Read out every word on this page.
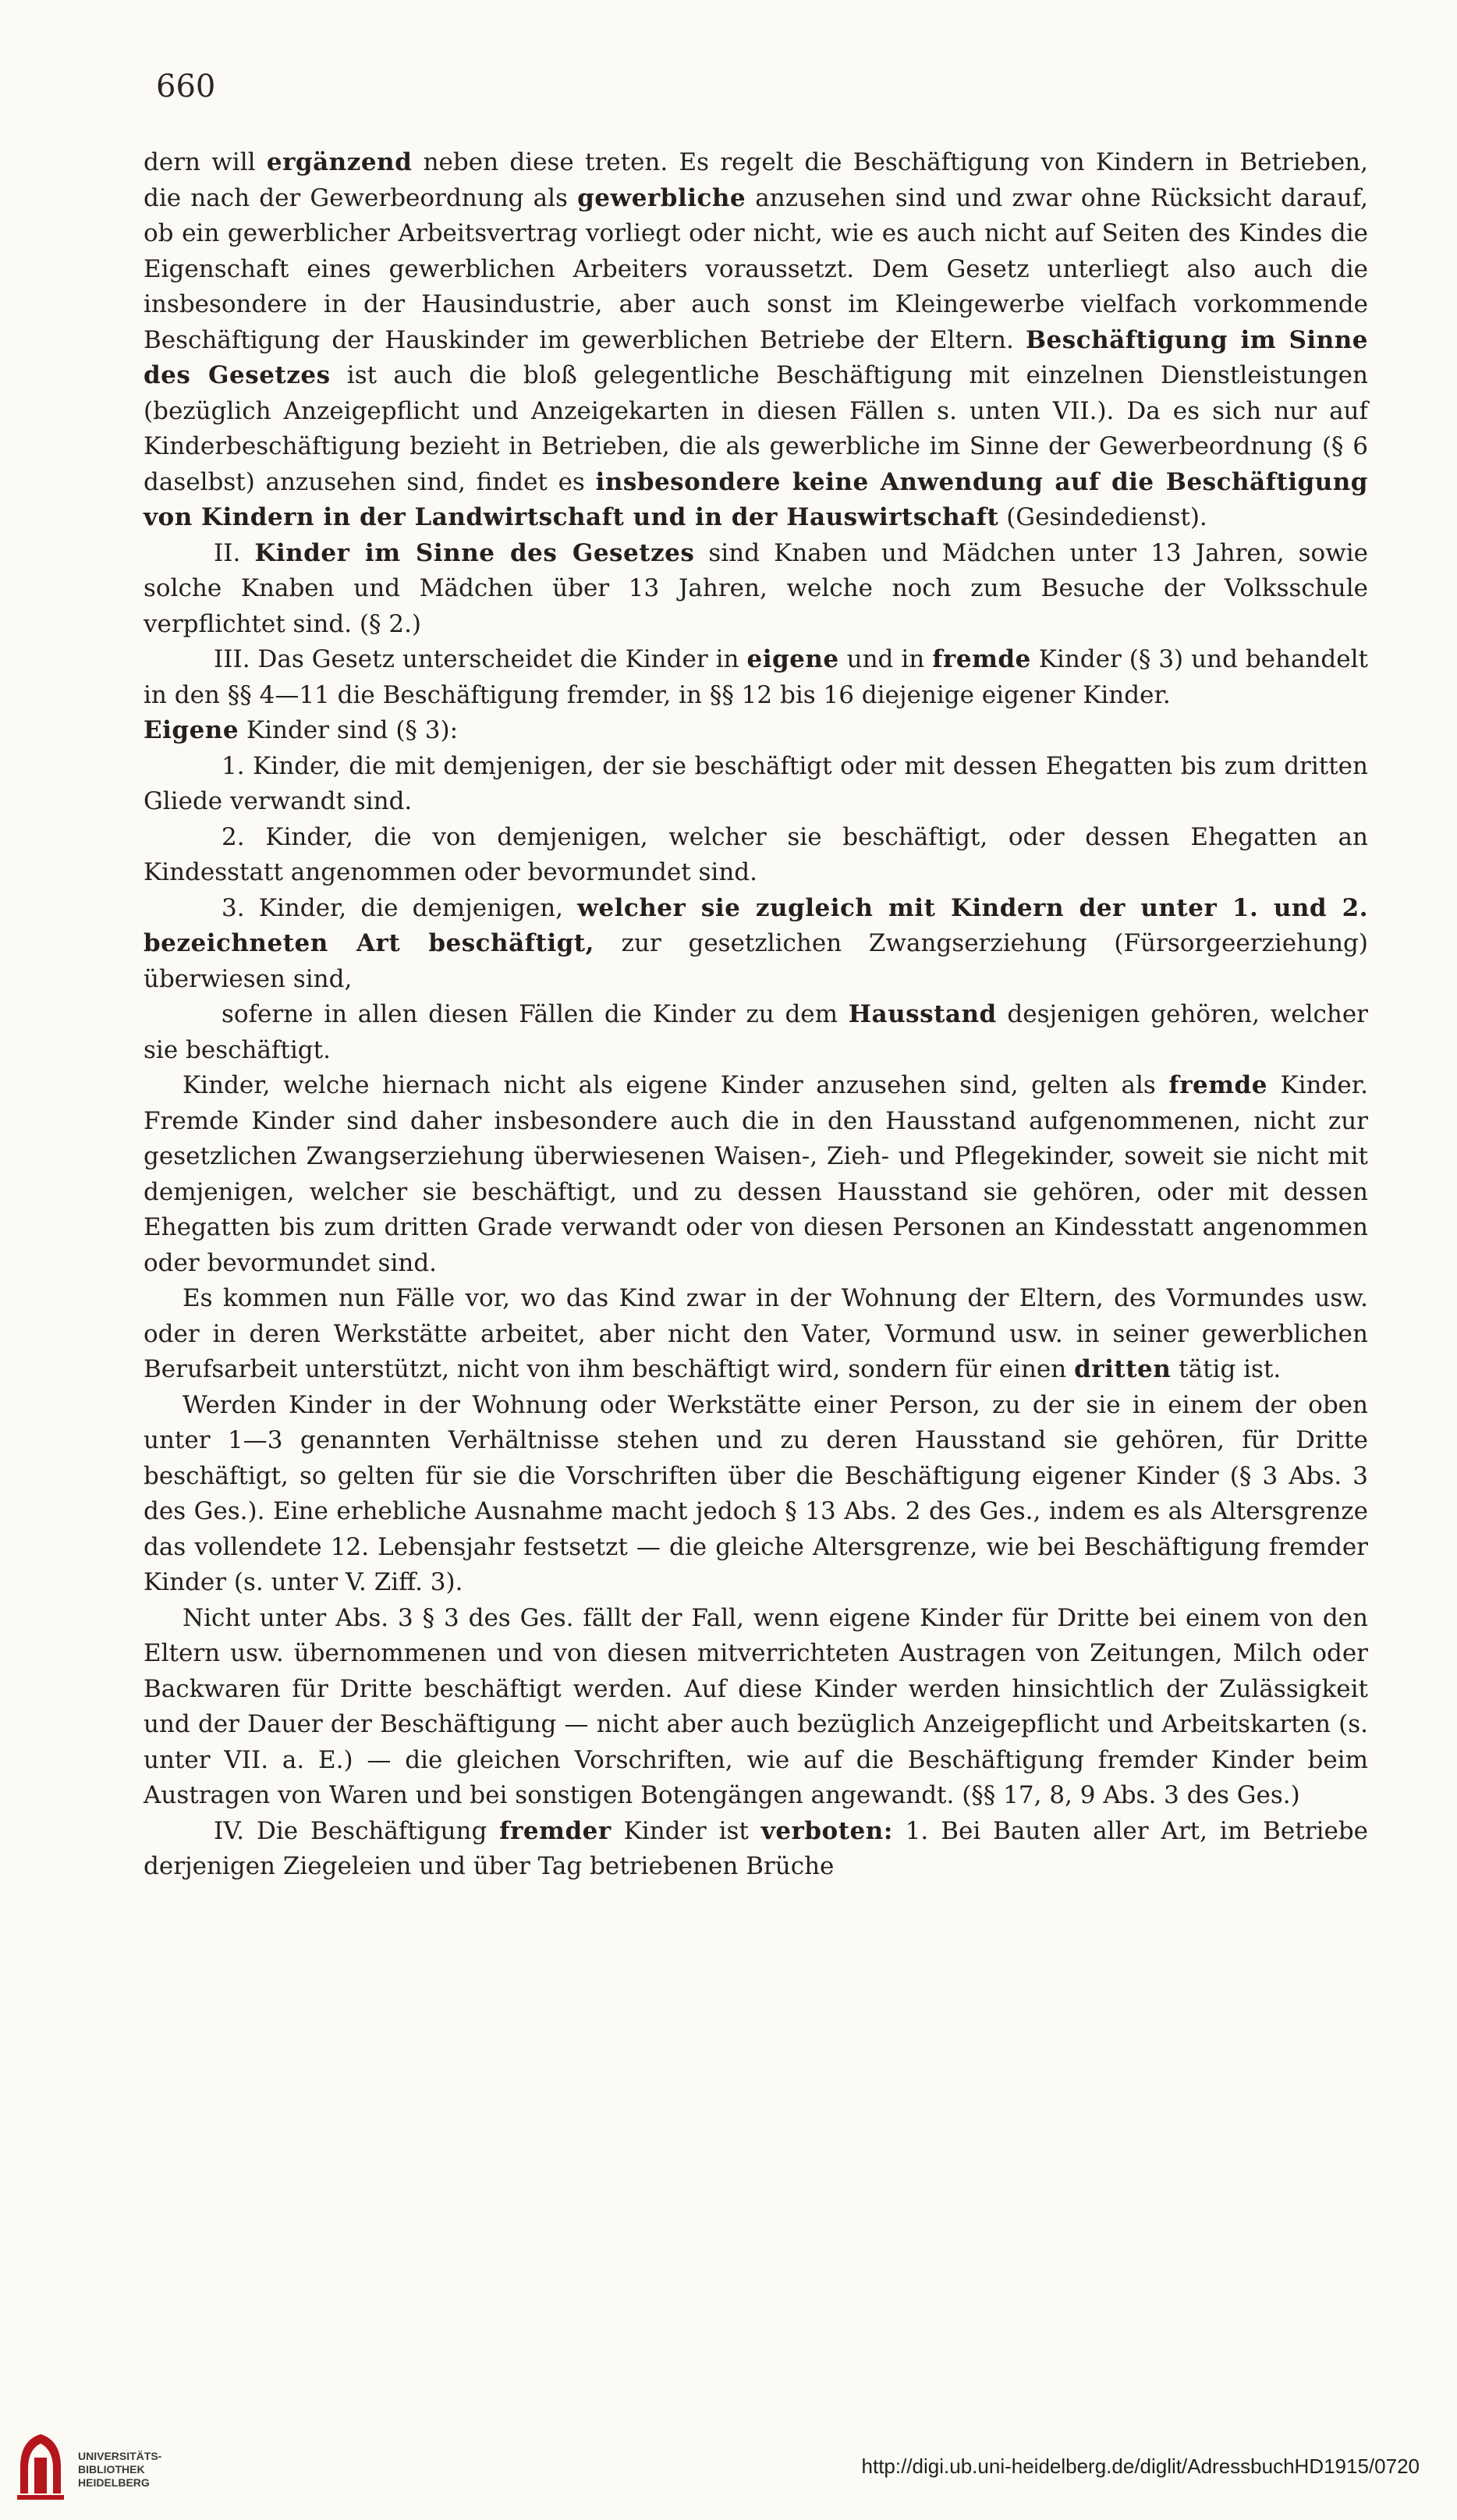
660

dern will ergänzend neben diese treten. Es regelt die Beschäftigung von Kindern in Betrieben, die nach der Gewerbeordnung als gewerbliche anzusehen sind und zwar ohne Rücksicht darauf, ob ein gewerblicher Arbeitsvertrag vorliegt oder nicht, wie es auch nicht auf Seiten des Kindes die Eigenschaft eines gewerblichen Arbeiters voraussetzt. Dem Gesetz unterliegt also auch die insbesondere in der Hausindustrie, aber auch sonst im Kleingewerbe vielfach vorkommende Beschäftigung der Hauskinder im gewerblichen Betriebe der Eltern. Beschäftigung im Sinne des Gesetzes ist auch die bloß gelegentliche Beschäftigung mit einzelnen Dienstleistungen (bezüglich Anzeigepflicht und Anzeigekarten in diesen Fällen s. unten VII.). Da es sich nur auf Kinderbeschäftigung bezieht in Betrieben, die als gewerbliche im Sinne der Gewerbeordnung (§ 6 daselbst) anzusehen sind, findet es insbesondere keine Anwendung auf die Beschäftigung von Kindern in der Landwirtschaft und in der Hauswirtschaft (Gesindedienst).

II. Kinder im Sinne des Gesetzes sind Knaben und Mädchen unter 13 Jahren, sowie solche Knaben und Mädchen über 13 Jahren, welche noch zum Besuche der Volksschule verpflichtet sind. (§ 2.)

III. Das Gesetz unterscheidet die Kinder in eigene und in fremde Kinder (§ 3) und behandelt in den §§ 4—11 die Beschäftigung fremder, in §§ 12 bis 16 diejenige eigener Kinder.

Eigene Kinder sind (§ 3):

1. Kinder, die mit demjenigen, der sie beschäftigt oder mit dessen Ehegatten bis zum dritten Gliede verwandt sind.

2. Kinder, die von demjenigen, welcher sie beschäftigt, oder dessen Ehegatten an Kindesstatt angenommen oder bevormundet sind.

3. Kinder, die demjenigen, welcher sie zugleich mit Kindern der unter 1. und 2. bezeichneten Art beschäftigt, zur gesetzlichen Zwangserziehung (Fürsorgeerziehung) überwiesen sind,

soferne in allen diesen Fällen die Kinder zu dem Hausstand desjenigen gehören, welcher sie beschäftigt.

Kinder, welche hiernach nicht als eigene Kinder anzusehen sind, gelten als fremde Kinder. Fremde Kinder sind daher insbesondere auch die in den Hausstand aufgenommenen, nicht zur gesetzlichen Zwangserziehung überwiesenen Waisen-, Zieh- und Pflegekinder, soweit sie nicht mit demjenigen, welcher sie beschäftigt, und zu dessen Hausstand sie gehören, oder mit dessen Ehegatten bis zum dritten Grade verwandt oder von diesen Personen an Kindesstatt angenommen oder bevormundet sind.

Es kommen nun Fälle vor, wo das Kind zwar in der Wohnung der Eltern, des Vormundes usw. oder in deren Werkstätte arbeitet, aber nicht den Vater, Vormund usw. in seiner gewerblichen Berufsarbeit unterstützt, nicht von ihm beschäftigt wird, sondern für einen dritten tätig ist.

Werden Kinder in der Wohnung oder Werkstätte einer Person, zu der sie in einem der oben unter 1—3 genannten Verhältnisse stehen und zu deren Hausstand sie gehören, für Dritte beschäftigt, so gelten für sie die Vorschriften über die Beschäftigung eigener Kinder (§ 3 Abs. 3 des Ges.). Eine erhebliche Ausnahme macht jedoch § 13 Abs. 2 des Ges., indem es als Altersgrenze das vollendete 12. Lebensjahr festsetzt — die gleiche Altersgrenze, wie bei Beschäftigung fremder Kinder (s. unter V. Ziff. 3).

Nicht unter Abs. 3 § 3 des Ges. fällt der Fall, wenn eigene Kinder für Dritte bei einem von den Eltern usw. übernommenen und von diesen mitverrichteten Austragen von Zeitungen, Milch oder Backwaren für Dritte beschäftigt werden. Auf diese Kinder werden hinsichtlich der Zulässigkeit und der Dauer der Beschäftigung — nicht aber auch bezüglich Anzeigepflicht und Arbeitskarten (s. unter VII. a. E.) — die gleichen Vorschriften, wie auf die Beschäftigung fremder Kinder beim Austragen von Waren und bei sonstigen Botengängen angewandt. (§§ 17, 8, 9 Abs. 3 des Ges.)

IV. Die Beschäftigung fremder Kinder ist verboten: 1. Bei Bauten aller Art, im Betriebe derjenigen Ziegeleien und über Tag betriebenen Brüche

UNIVERSITÄTS-
BIBLIOTHEK
HEIDELBERG
http://digi.ub.uni-heidelberg.de/diglit/AdressbuchHD1915/0720
